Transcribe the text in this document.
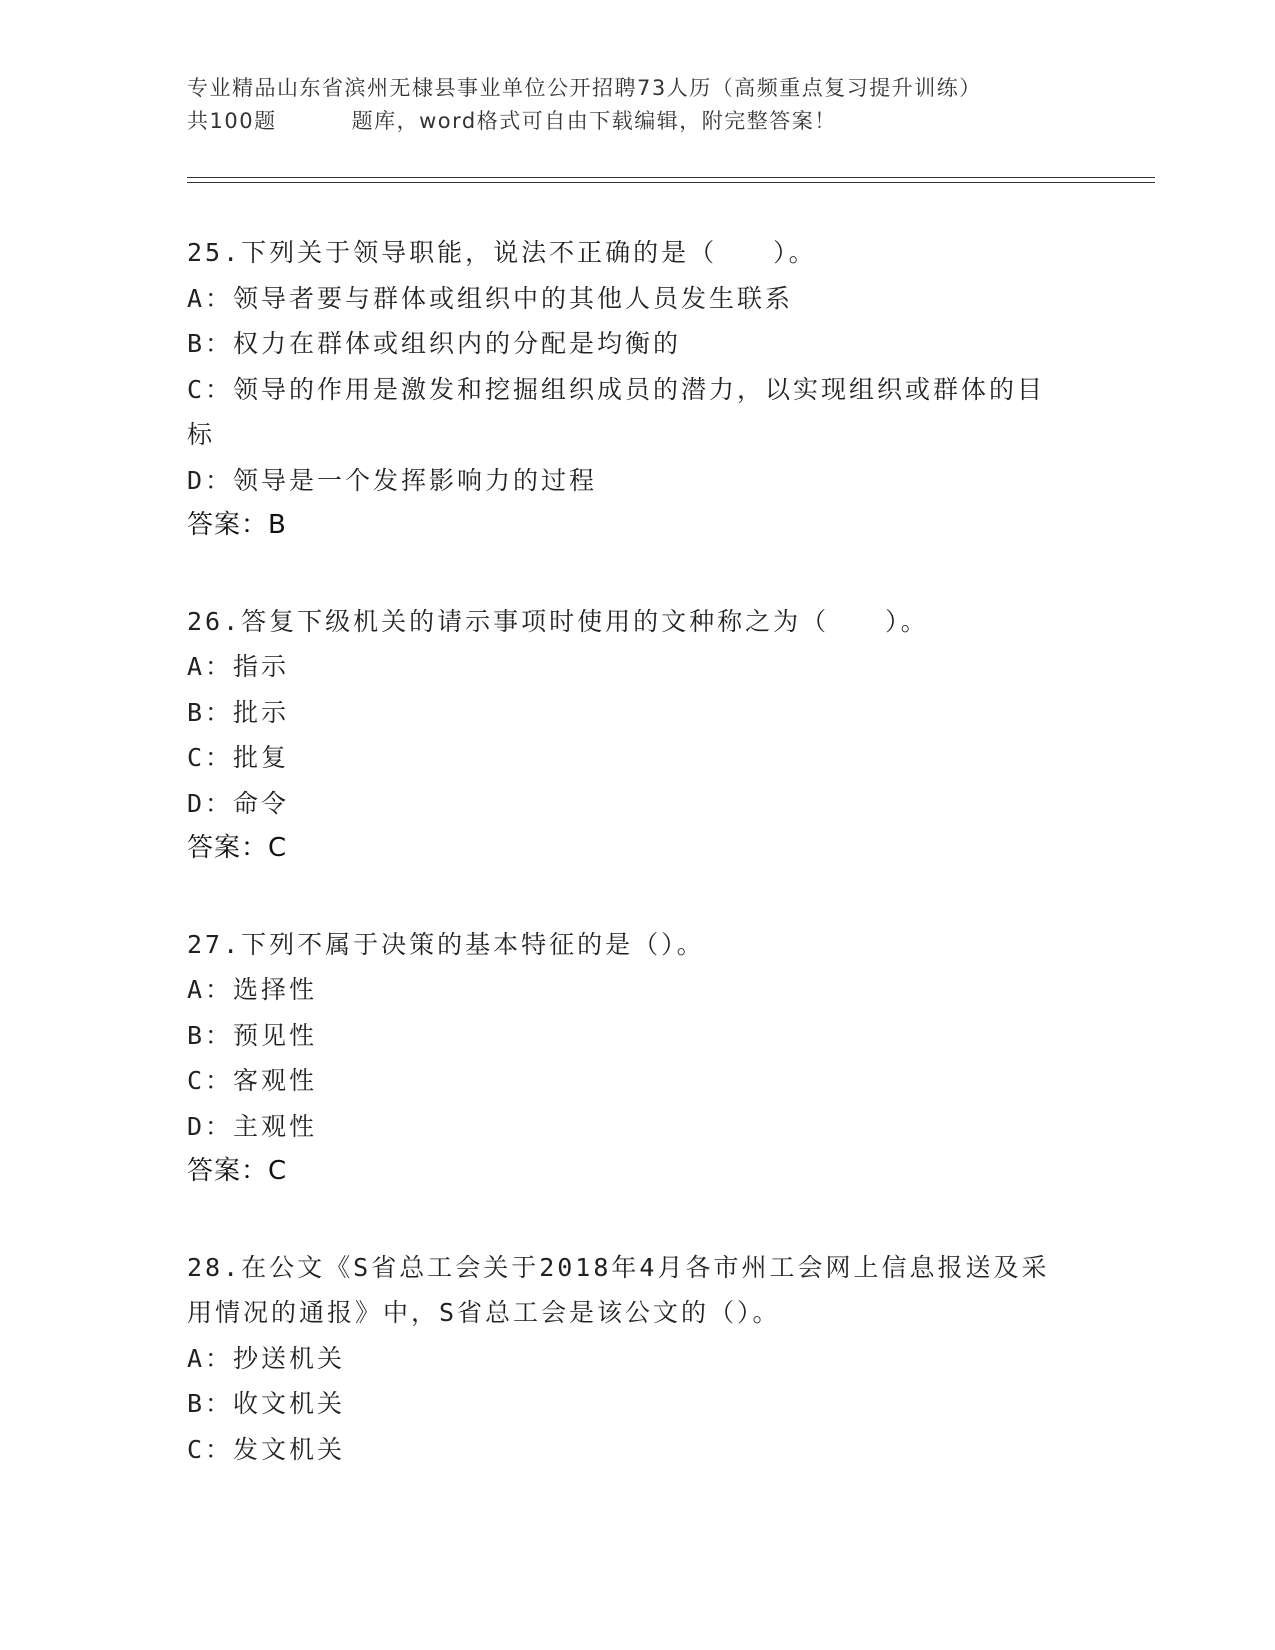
专业精品山东省滨州无棣县事业单位公开招聘73人历（高频重点复习提升训练）
共100题	题库，word格式可自由下载编辑，附完整答案！
25.下列关于领导职能，说法不正确的是（　　）。
A：领导者要与群体或组织中的其他人员发生联系
B：权力在群体或组织内的分配是均衡的
C：领导的作用是激发和挖掘组织成员的潜力，以实现组织或群体的目
标
D：领导是一个发挥影响力的过程
答案：B
26.答复下级机关的请示事项时使用的文种称之为（　　）。
A：指示
B：批示
C：批复
D：命令
答案：C
27.下列不属于决策的基本特征的是（）。
A：选择性
B：预见性
C：客观性
D：主观性
答案：C
28.在公文《S省总工会关于2018年4月各市州工会网上信息报送及采
用情况的通报》中，S省总工会是该公文的（）。
A：抄送机关
B：收文机关
C：发文机关
